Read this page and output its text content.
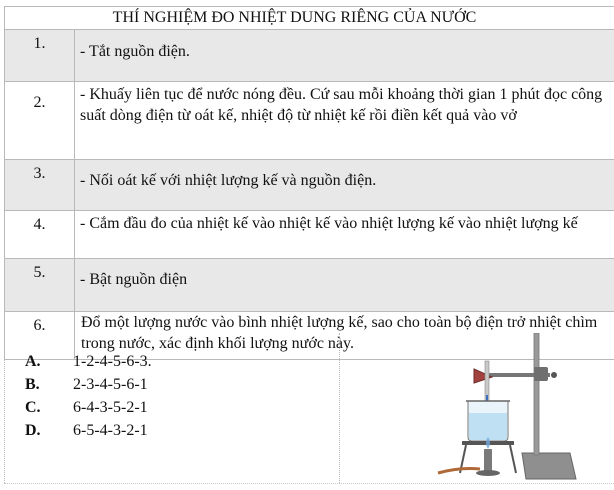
THÍ NGHIỆM ĐO NHIỆT DUNG RIÊNG CỦA NƯỚC	
1.	- Tắt nguồn điện.
2.	- Khuấy liên tục để nước nóng đều. Cứ sau mỗi khoảng thời gian 1 phút đọc công suất dòng điện từ oát kế, nhiệt độ từ nhiệt kế rồi điền kết quả vào vở
3.	- Nối oát kế với nhiệt lượng kế và nguồn điện.
4.	- Cắm đầu đo của nhiệt kế vào nhiệt kế vào nhiệt lượng kế vào nhiệt lượng kế
5.	- Bật nguồn điện
6.	Đổ một lượng nước vào bình nhiệt lượng kế, sao cho toàn bộ điện trở nhiệt chìm trong nước, xác định khối lượng nước này.
A. 1-2-4-5-6-3.
B. 2-3-4-5-6-1
C. 6-4-3-5-2-1
D. 6-5-4-3-2-1
